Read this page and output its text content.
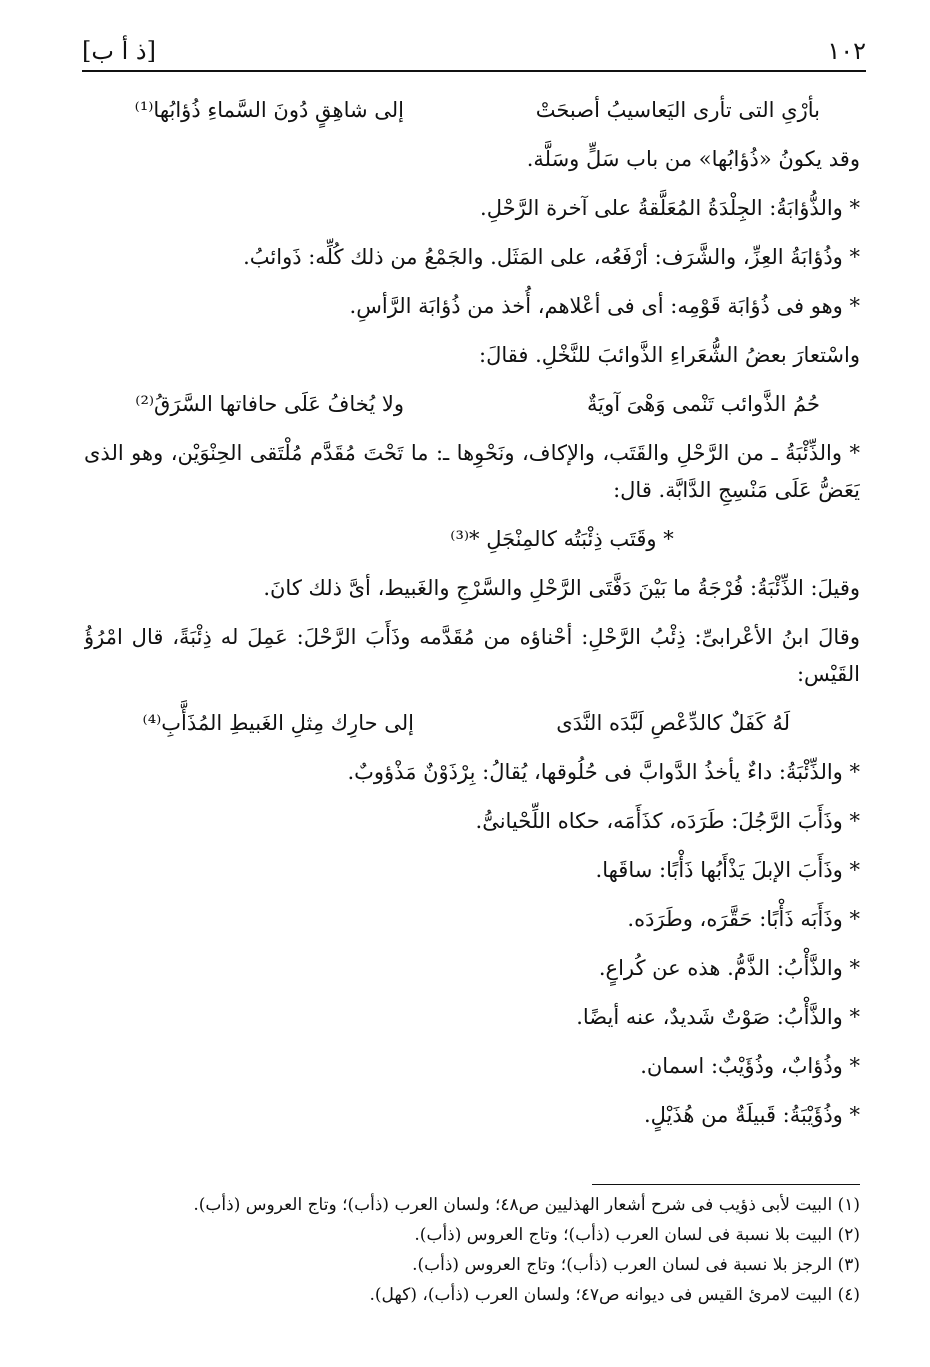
١٠٢
[ذ أ ب]
بأرْىِ التى تأرى اليَعاسيبُ أصبحَتْ
إلى شاهِقٍ دُونَ السَّماءِ ذُؤابُها⁽¹⁾
وقد يكونُ «ذُؤابُها» من باب سَلٍّ وسَلَّة.
* والذُّؤابَةُ: الجِلْدَةُ المُعَلَّقةُ على آخرة الرَّحْلِ.
* وذُؤابَةُ العِزِّ، والشَّرَف: أرْفَعُه، على المَثَل. والجَمْعُ من ذلك كُلِّه: ذَوائبُ.
* وهو فى ذُؤابَة قَوْمِه: أى فى أعْلاهم، أُخذ من ذُؤابَة الرَّأسِ.
واسْتعارَ بعضُ الشُّعَراءِ الذَّوائبَ للنَّخْلِ. فقالَ:
حُمُ الذَّوائب تَنْمى وَهْىَ آويَةٌ
ولا يُخافُ عَلَى حافاتها السَّرَقُ⁽²⁾
* والذِّئْبَةُ ـ من الرَّحْلِ والقَتَب، والإكاف، ونَحْوِها ـ: ما تَحْتَ مُقَدَّم مُلْتَقى الحِنْوَيْن، وهو الذى يَعَضُّ عَلَى مَنْسِجِ الدَّابَّة. قال:
* وقَتَب ذِئْبَتُه كالمِنْجَلِ *⁽³⁾
وقيلَ: الذِّئْبَةُ: فُرْجَةُ ما بَيْنَ دَفَّتَى الرَّحْلِ والسَّرْجِ والغَبيط، أىَّ ذلك كانَ.
وقالَ ابنُ الأعْرابىِّ: ذِئْبُ الرَّحْلِ: أحْناؤه من مُقَدَّمه وذَأَبَ الرَّحْلَ: عَمِلَ له ذِئْبَةً، قال امْرُؤُ القَيْس:
لَهُ كَفَلٌ كالدِّعْصِ لَبَّدَه النَّدَى
إلى حارِك مِثلِ الغَبيطِ المُذَأَّبِ⁽⁴⁾
* والذِّئْبَةُ: داءٌ يأخذُ الدَّوابَّ فى حُلُوقها، يُقالُ: بِرْذَوْنٌ مَذْؤوبٌ.
* وذَأَبَ الرَّجُلَ: طَرَدَه، كذَأَمَه، حكاه اللِّحْيانىُّ.
* وذَأَبَ الإبلَ يَذْأَبُها ذَأْبًا: ساقَها.
* وذَأَبَه ذَأْبًا: حَقَّرَه، وطَرَدَه.
* والذَّأْبُ: الذَّمُّ. هذه عن كُراعٍ.
* والذَّأْبُ: صَوْتٌ شَديدٌ، عنه أيضًا.
* وذُؤابٌ، وذُؤَيْبٌ: اسمان.
* وذُؤَيْبَةُ: قَبيلَةٌ من هُذَيْلٍ.
(١) البيت لأبى ذؤيب فى شرح أشعار الهذليين ص٤٨؛ ولسان العرب (ذأب)؛ وتاج العروس (ذأب).
(٢) البيت بلا نسبة فى لسان العرب (ذأب)؛ وتاج العروس (ذأب).
(٣) الرجز بلا نسبة فى لسان العرب (ذأب)؛ وتاج العروس (ذأب).
(٤) البيت لامرئ القيس فى ديوانه ص٤٧؛ ولسان العرب (ذأب)، (كهل).
